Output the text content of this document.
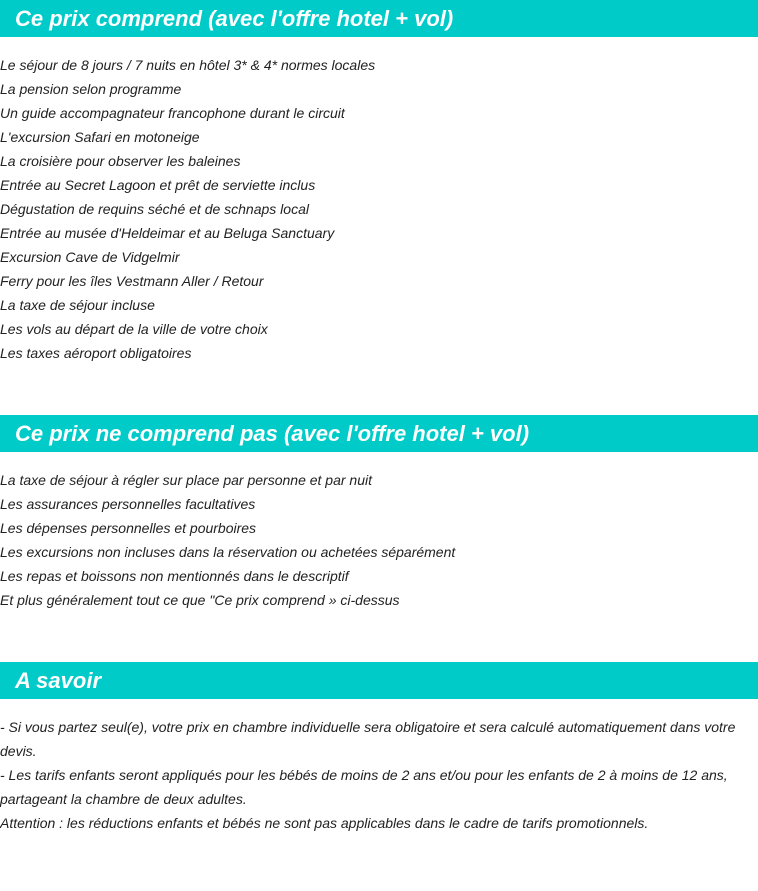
Ce prix comprend (avec l'offre hotel + vol)
Le séjour de 8 jours / 7 nuits en hôtel 3* & 4* normes locales
La pension selon programme
Un guide accompagnateur francophone durant le circuit
L'excursion Safari en motoneige
La croisière pour observer les baleines
Entrée au Secret Lagoon et prêt de serviette inclus
Dégustation de requins séché et de schnaps local
Entrée au musée d'Heldeimar et au Beluga Sanctuary
Excursion Cave de Vidgelmir
Ferry pour les îles Vestmann Aller / Retour
La taxe de séjour incluse
Les vols au départ de la ville de votre choix
Les taxes aéroport obligatoires
Ce prix ne comprend pas (avec l'offre hotel + vol)
La taxe de séjour à régler sur place par personne et par nuit
Les assurances personnelles facultatives
Les dépenses personnelles et pourboires
Les excursions non incluses dans la réservation ou achetées séparément
Les repas et boissons non mentionnés dans le descriptif
Et plus généralement tout ce que "Ce prix comprend » ci-dessus
A savoir

- Si vous partez seul(e), votre prix en chambre individuelle sera obligatoire et sera calculé automatiquement dans votre devis.

- Les tarifs enfants seront appliqués pour les bébés de moins de 2 ans et/ou pour les enfants de 2 à moins de 12 ans, partageant la chambre de deux adultes.

Attention : les réductions enfants et bébés ne sont pas applicables dans le cadre de tarifs promotionnels.
